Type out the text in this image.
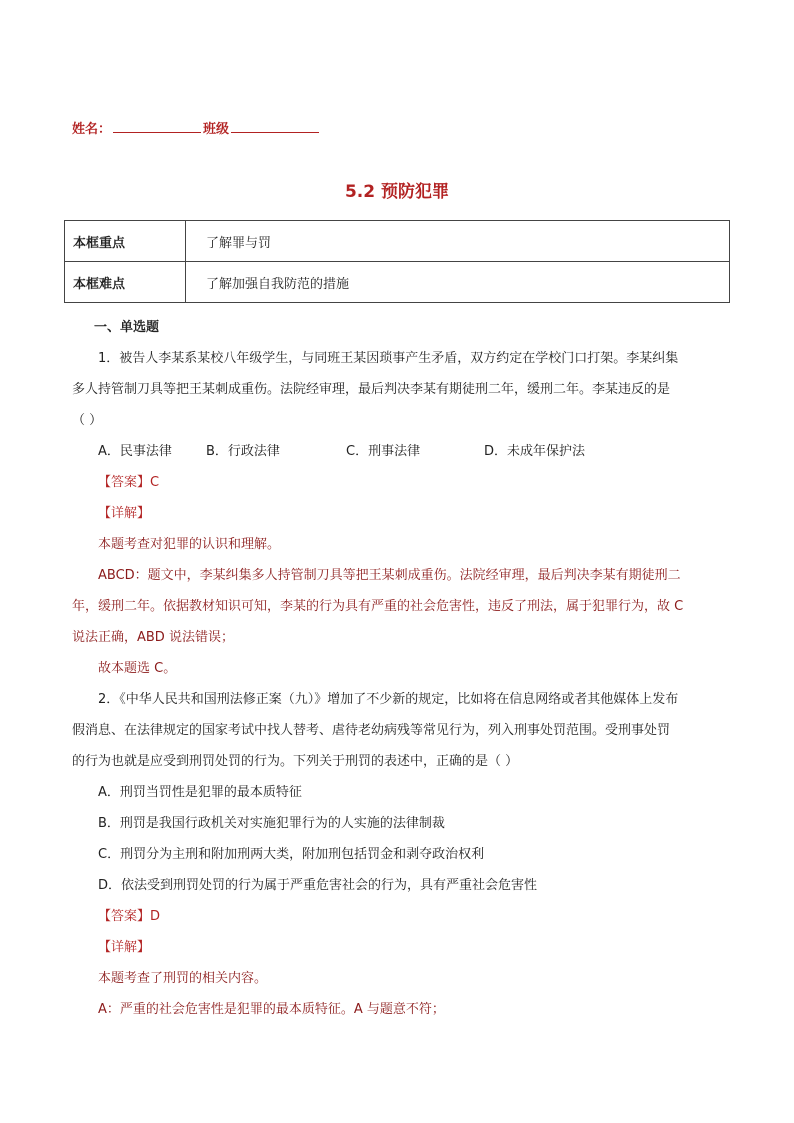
姓名：	班级
5.2 预防犯罪
本框重点	了解罪与罚
本框难点	了解加强自我防范的措施

一、单选题

1．被告人李某系某校八年级学生，与同班王某因琐事产生矛盾，双方约定在学校门口打架。李某纠集

多人持管制刀具等把王某刺成重伤。法院经审理，最后判决李某有期徒刑二年，缓刑二年。李某违反的是

（ ）

A．民事法律	B．行政法律	C．刑事法律	D．未成年保护法

【答案】C

【详解】

本题考查对犯罪的认识和理解。

ABCD：题文中，李某纠集多人持管制刀具等把王某刺成重伤。法院经审理，最后判决李某有期徒刑二

年，缓刑二年。依据教材知识可知，李某的行为具有严重的社会危害性，违反了刑法，属于犯罪行为，故 C

说法正确，ABD 说法错误；

故本题选 C。

2．《中华人民共和国刑法修正案（九）》增加了不少新的规定，比如将在信息网络或者其他媒体上发布

假消息、在法律规定的国家考试中找人替考、虐待老幼病残等常见行为，列入刑事处罚范围。受刑事处罚

的行为也就是应受到刑罚处罚的行为。下列关于刑罚的表述中，正确的是（ ）

A．刑罚当罚性是犯罪的最本质特征

B．刑罚是我国行政机关对实施犯罪行为的人实施的法律制裁

C．刑罚分为主刑和附加刑两大类，附加刑包括罚金和剥夺政治权利

D．依法受到刑罚处罚的行为属于严重危害社会的行为，具有严重社会危害性

【答案】D

【详解】

本题考查了刑罚的相关内容。

A：严重的社会危害性是犯罪的最本质特征。A 与题意不符；
